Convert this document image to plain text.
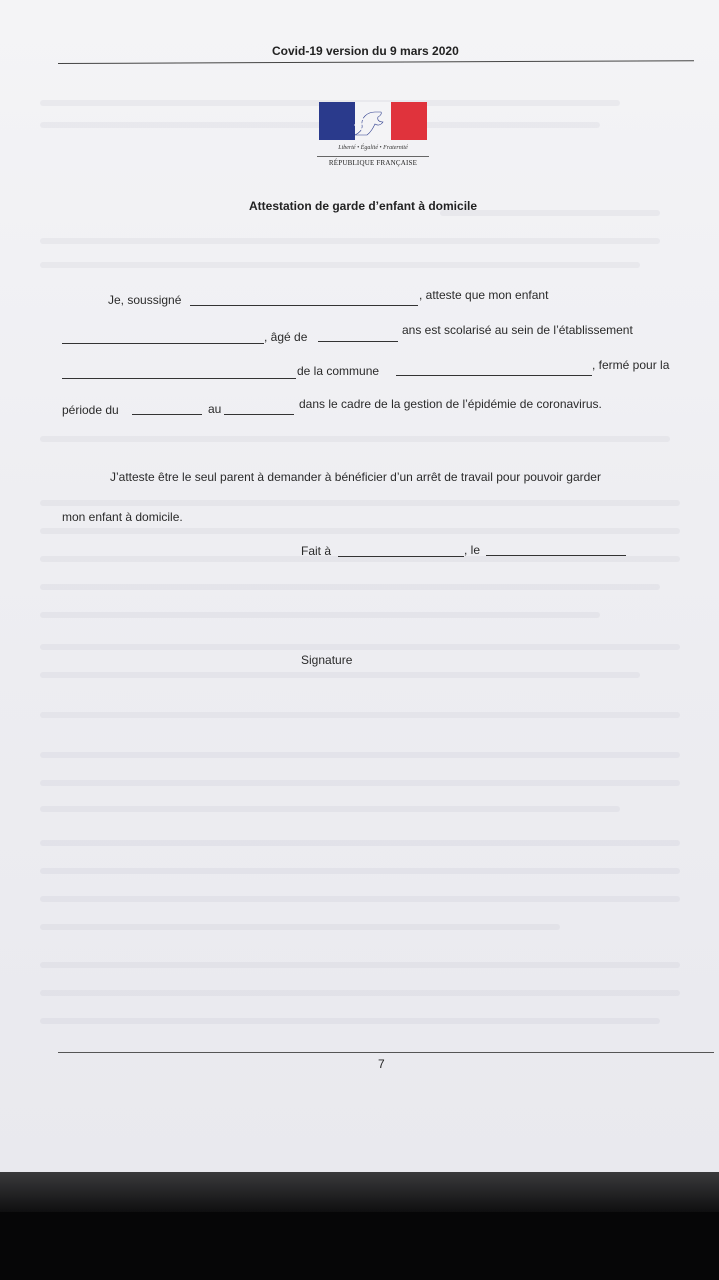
Covid-19 version du 9 mars 2020
Liberté • Égalité • Fraternité
RÉPUBLIQUE FRANÇAISE
Attestation de garde d’enfant à domicile
Je, soussigné	, atteste que mon enfant
, âgé de	ans est scolarisé au sein de l’établissement
de la commune	, fermé pour la
période du	au	dans le cadre de la gestion de l’épidémie de coronavirus.
J’atteste être le seul parent à demander à bénéficier d’un arrêt de travail pour pouvoir garder
mon enfant à domicile.
Fait à	, le
Signature
7
